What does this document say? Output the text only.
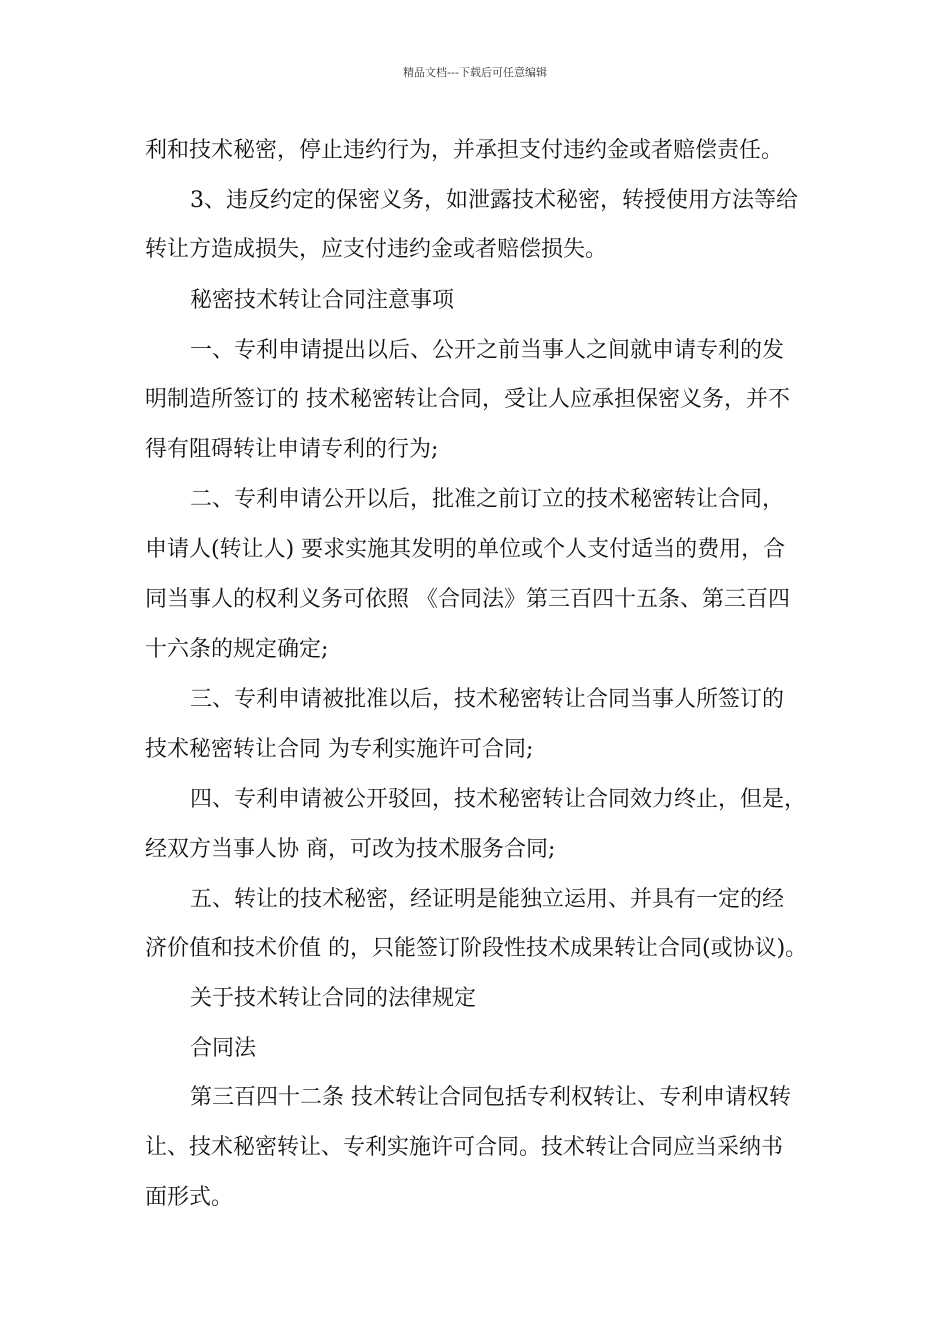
精品文档---下载后可任意编辑
利和技术秘密，停止违约行为，并承担支付违约金或者赔偿责任。
3、违反约定的保密义务，如泄露技术秘密，转授使用方法等给
转让方造成损失，应支付违约金或者赔偿损失。
秘密技术转让合同注意事项
一、专利申请提出以后、公开之前当事人之间就申请专利的发
明制造所签订的 技术秘密转让合同，受让人应承担保密义务，并不
得有阻碍转让申请专利的行为;
二、专利申请公开以后，批准之前订立的技术秘密转让合同，
申请人(转让人) 要求实施其发明的单位或个人支付适当的费用，合
同当事人的权利义务可依照 《合同法》第三百四十五条、第三百四
十六条的规定确定;
三、专利申请被批准以后，技术秘密转让合同当事人所签订的
技术秘密转让合同 为专利实施许可合同;
四、专利申请被公开驳回，技术秘密转让合同效力终止，但是，
经双方当事人协 商，可改为技术服务合同;
五、转让的技术秘密，经证明是能独立运用、并具有一定的经
济价值和技术价值 的，只能签订阶段性技术成果转让合同(或协议)。
关于技术转让合同的法律规定
合同法
第三百四十二条 技术转让合同包括专利权转让、专利申请权转
让、技术秘密转让、专利实施许可合同。技术转让合同应当采纳书
面形式。
